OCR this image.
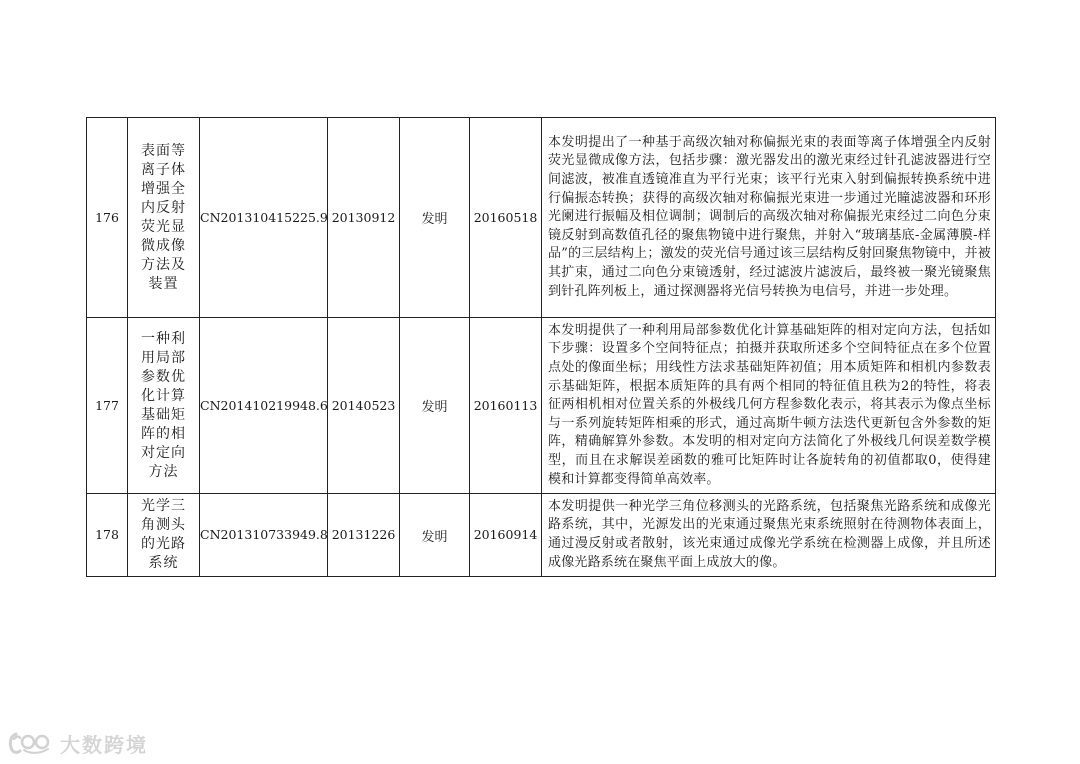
176	表面等离子体增强全内反射荧光显微成像方法及装置	CN201310415225.9	20130912	发明	20160518	本发明提出了一种基于高级次轴对称偏振光束的表面等离子体增强全内反射荧光显微成像方法，包括步骤：激光器发出的激光束经过针孔滤波器进行空间滤波，被准直透镜准直为平行光束；该平行光束入射到偏振转换系统中进行偏振态转换；获得的高级次轴对称偏振光束进一步通过光瞳滤波器和环形光阑进行振幅及相位调制；调制后的高级次轴对称偏振光束经过二向色分束镜反射到高数值孔径的聚焦物镜中进行聚焦，并射入“玻璃基底-金属薄膜-样品”的三层结构上；激发的荧光信号通过该三层结构反射回聚焦物镜中，并被其扩束，通过二向色分束镜透射，经过滤波片滤波后，最终被一聚光镜聚焦到针孔阵列板上，通过探测器将光信号转换为电信号，并进一步处理。

177	一种利用局部参数优化计算基础矩阵的相对定向方法	CN201410219948.6	20140523	发明	20160113	本发明提供了一种利用局部参数优化计算基础矩阵的相对定向方法，包括如下步骤：设置多个空间特征点；拍摄并获取所述多个空间特征点在多个位置点处的像面坐标；用线性方法求基础矩阵初值；用本质矩阵和相机内参数表示基础矩阵，根据本质矩阵的具有两个相同的特征值且秩为2的特性，将表征两相机相对位置关系的外极线几何方程参数化表示，将其表示为像点坐标与一系列旋转矩阵相乘的形式，通过高斯牛顿方法迭代更新包含外参数的矩阵，精确解算外参数。本发明的相对定向方法简化了外极线几何误差数学模型，而且在求解误差函数的雅可比矩阵时让各旋转角的初值都取0，使得建模和计算都变得简单高效率。

178	光学三角测头的光路系统	CN201310733949.8	20131226	发明	20160914	本发明提供一种光学三角位移测头的光路系统，包括聚焦光路系统和成像光路系统，其中，光源发出的光束通过聚焦光束系统照射在待测物体表面上，通过漫反射或者散射，该光束通过成像光学系统在检测器上成像，并且所述成像光路系统在聚焦平面上成放大的像。
大数跨境
